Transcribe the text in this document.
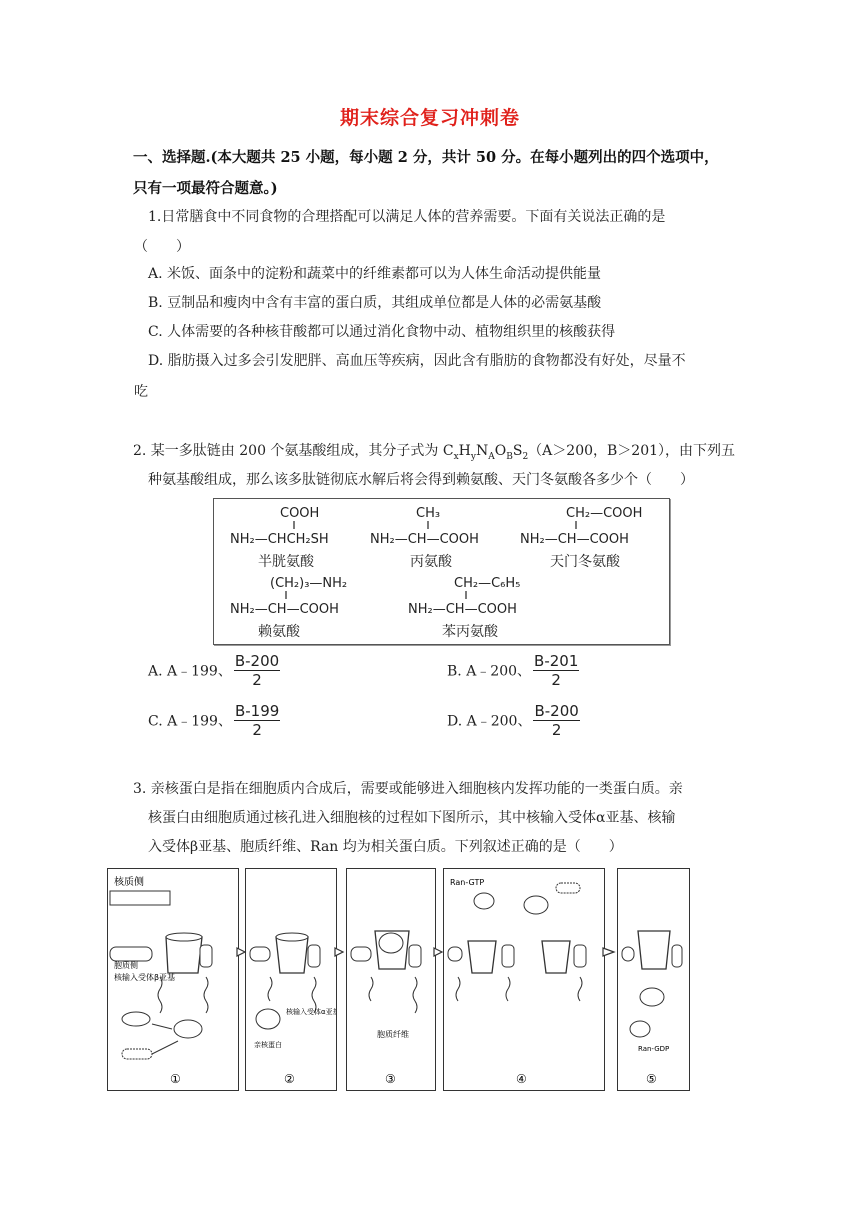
期末综合复习冲刺卷
一、选择题.(本大题共 25 小题，每小题 2 分，共计 50 分。在每小题列出的四个选项中，
只有一项最符合题意。)
1.日常膳食中不同食物的合理搭配可以满足人体的营养需要。下面有关说法正确的是
（　　）
A. 米饭、面条中的淀粉和蔬菜中的纤维素都可以为人体生命活动提供能量
B. 豆制品和瘦肉中含有丰富的蛋白质，其组成单位都是人体的必需氨基酸
C. 人体需要的各种核苷酸都可以通过消化食物中动、植物组织里的核酸获得
D. 脂肪摄入过多会引发肥胖、高血压等疾病，因此含有脂肪的食物都没有好处，尽量不
吃
2. 某一多肽链由 200 个氨基酸组成，其分子式为 $C_xH_yN_AO_BS_2(A>200$，B＞201），由下列五
种氨基酸组成，那么该多肽链彻底水解后将会得到赖氨酸、天门冬氨酸各多少个（　　）
COOH
NH₂—CHCH₂SH
半胱氨酸
CH₃
NH₂—CH—COOH
丙氨酸
CH₂—COOH
NH₂—CH—COOH
天门冬氨酸
(CH₂)₃—NH₂
NH₂—CH—COOH
赖氨酸
CH₂—C₆H₅
NH₂—CH—COOH
苯丙氨酸
A. A﹣199、 $\frac{B-200}{2}$	B. A﹣200、 $\frac{B-201}{2}$
C. A﹣199、 $\frac{B-199}{2}$	D. A﹣200、 $\frac{B-200}{2}$
3. 亲核蛋白是指在细胞质内合成后，需要或能够进入细胞核内发挥功能的一类蛋白质。亲
核蛋白由细胞质通过核孔进入细胞核的过程如下图所示，其中核输入受体α亚基、核输
入受体β亚基、胞质纤维、Ran 均为相关蛋白质。下列叙述正确的是（　　）
核质侧
胞质侧
核输入受体β亚基
①
核输入受体α亚基
亲核蛋白
②
胞质纤维
③
Ran-GTP
④
Ran-GDP
⑤
